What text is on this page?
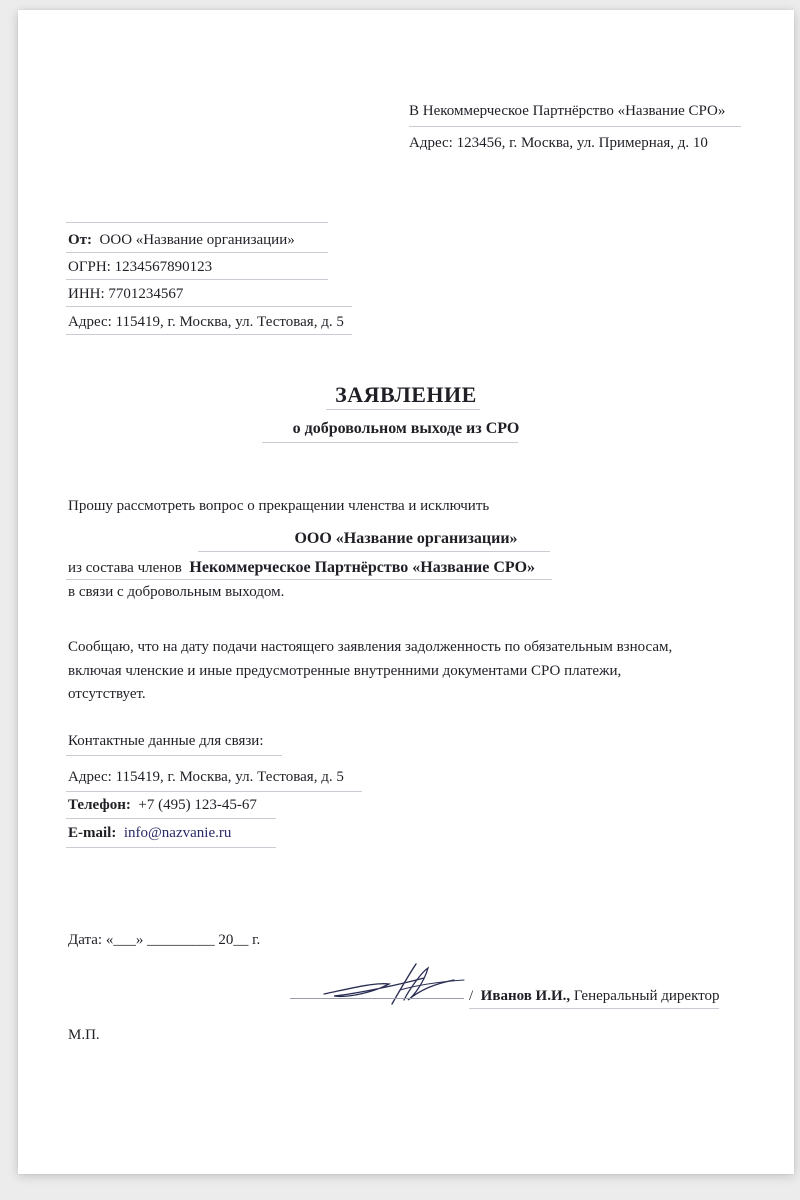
В Некоммерческое Партнёрство «Название СРО»
Адрес: 123456, г. Москва, ул. Примерная, д. 10
От: ООО «Название организации»
ОГРН: 1234567890123
ИНН: 7701234567
Адрес: 115419, г. Москва, ул. Тестовая, д. 5
ЗАЯВЛЕНИЕ
о добровольном выходе из СРО
Прошу рассмотреть вопрос о прекращении членства и исключить
ООО «Название организации»
из состава членов Некоммерческое Партнёрство «Название СРО»
в связи с добровольным выходом.
Сообщаю, что на дату подачи настоящего заявления задолженность по обязательным взносам,
включая членские и иные предусмотренные внутренними документами СРО платежи,
отсутствует.
Контактные данные для связи:
Адрес: 115419, г. Москва, ул. Тестовая, д. 5
Телефон: +7 (495) 123-45-67
E-mail: info@nazvanie.ru
Дата: «___» _________ 20__ г.
/ Иванов И.И., Генеральный директор
М.П.
